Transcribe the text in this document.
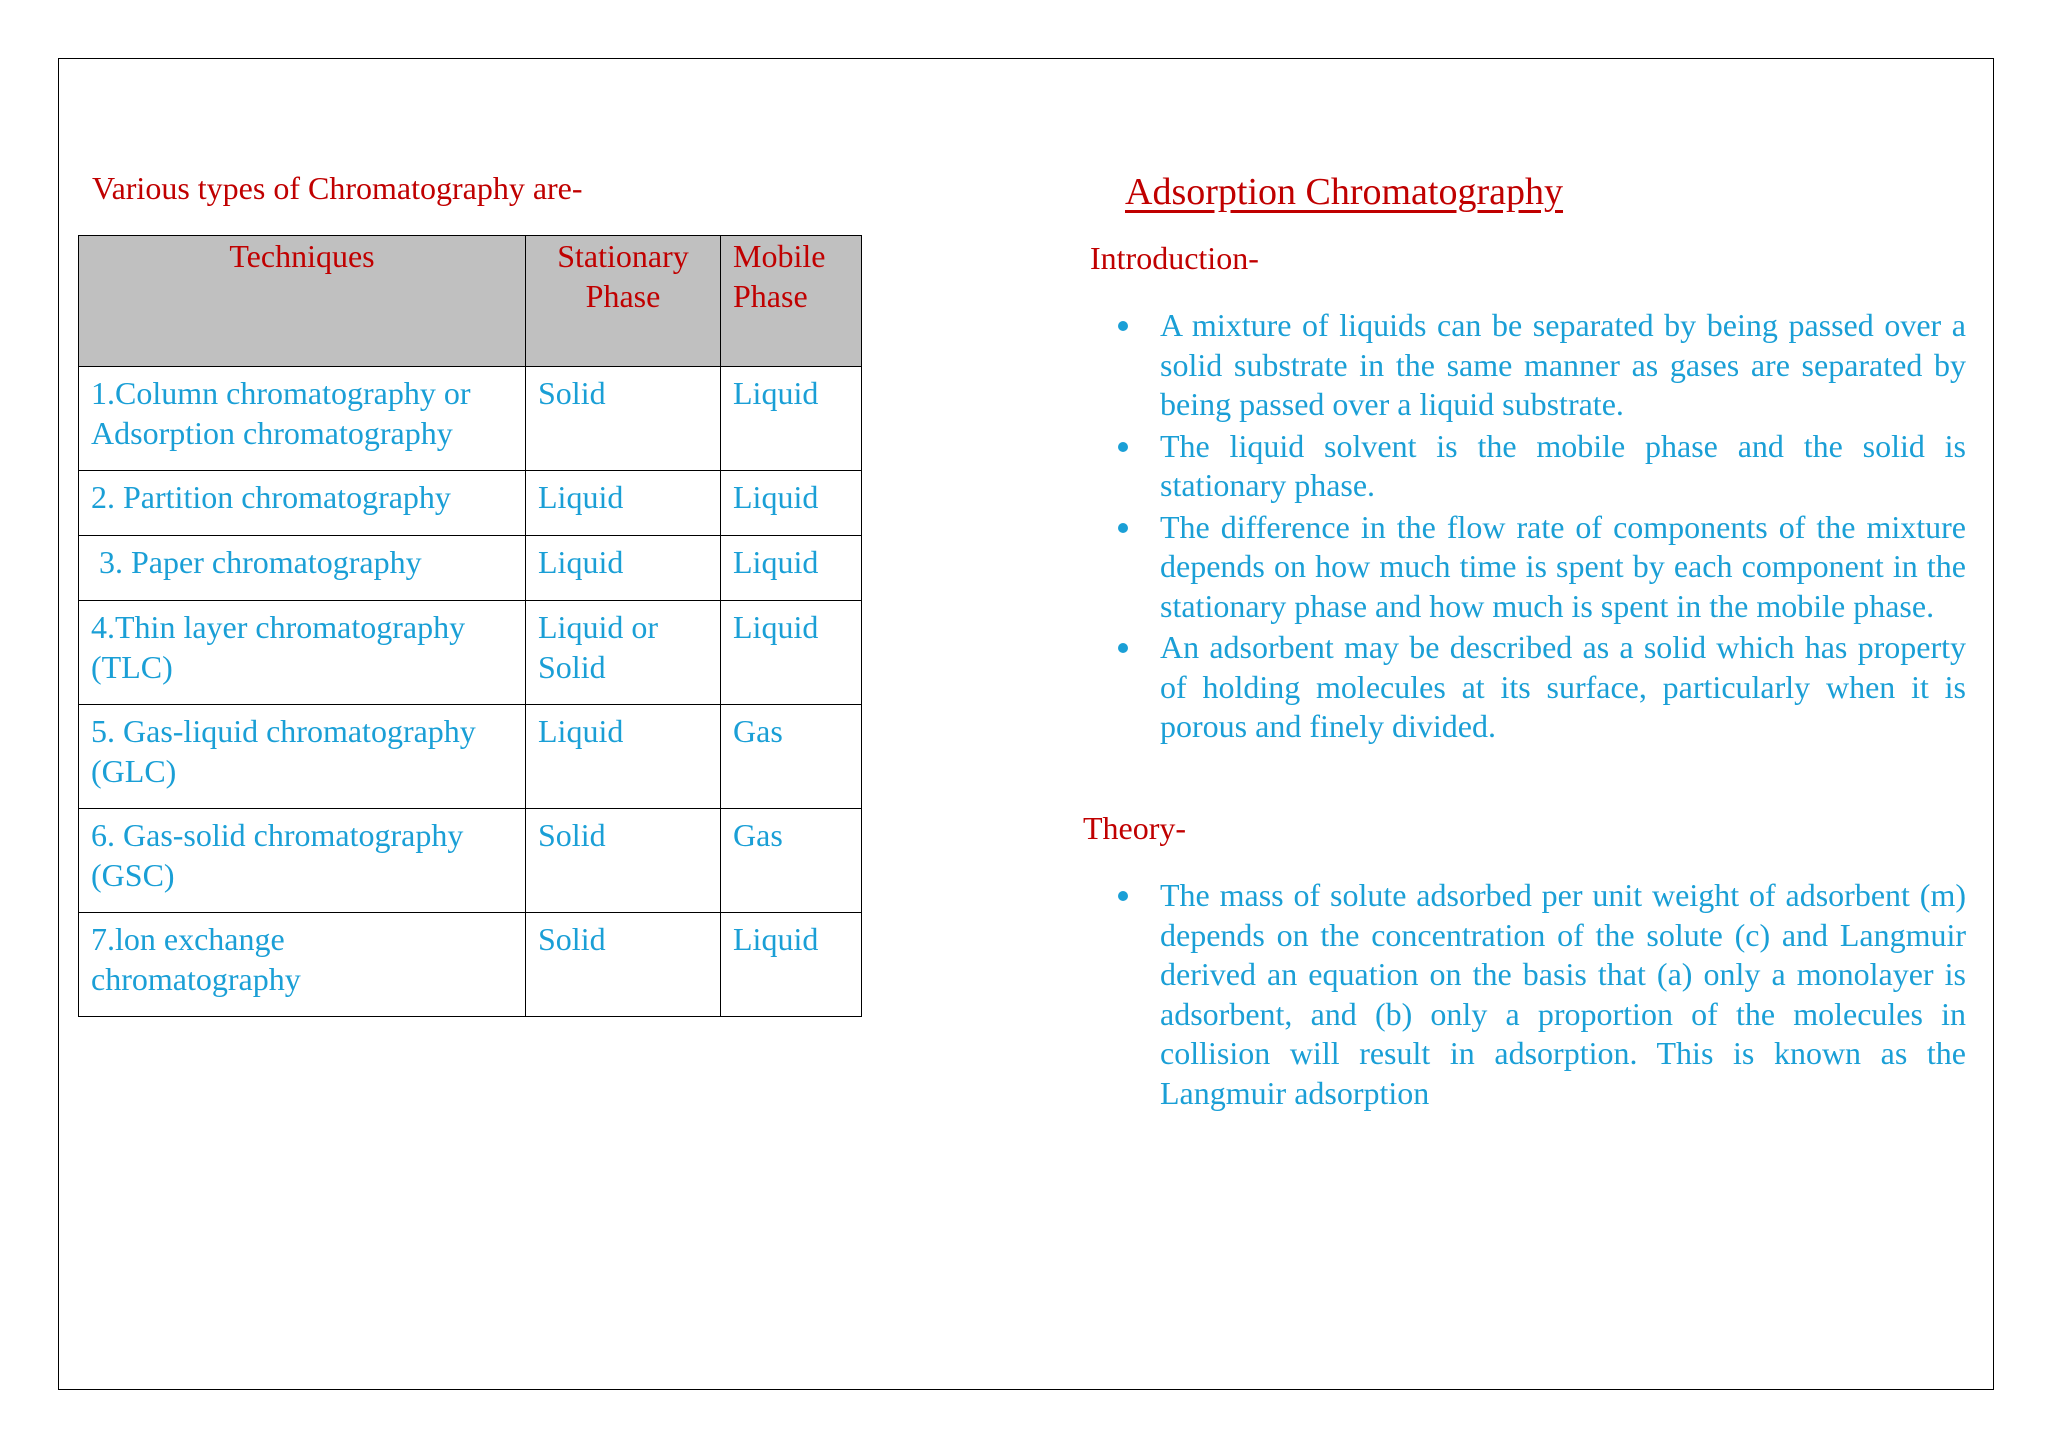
Various types of Chromatography are-

Techniques	Stationary Phase	Mobile Phase
1.Column chromatography or Adsorption chromatography	Solid	Liquid
2. Partition chromatography	Liquid	Liquid
3. Paper chromatography	Liquid	Liquid
4.Thin layer chromatography (TLC)	Liquid or Solid	Liquid
5. Gas-liquid chromatography (GLC)	Liquid	Gas
6. Gas-solid chromatography (GSC)	Solid	Gas
7.lon exchange chromatography	Solid	Liquid
Adsorption Chromatography

Introduction-

A mixture of liquids can be separated by being passed over a solid substrate in the same manner as gases are separated by being passed over a liquid substrate.
The liquid solvent is the mobile phase and the solid is stationary phase.
The difference in the flow rate of components of the mixture depends on how much time is spent by each component in the stationary phase and how much is spent in the mobile phase.
An adsorbent may be described as a solid which has property of holding molecules at its surface, particularly when it is porous and finely divided.

Theory-

The mass of solute adsorbed per unit weight of adsorbent (m) depends on the concentration of the solute (c) and Langmuir derived an equation on the basis that (a) only a monolayer is adsorbent, and (b) only a proportion of the molecules in collision will result in adsorption. This is known as the Langmuir adsorption
